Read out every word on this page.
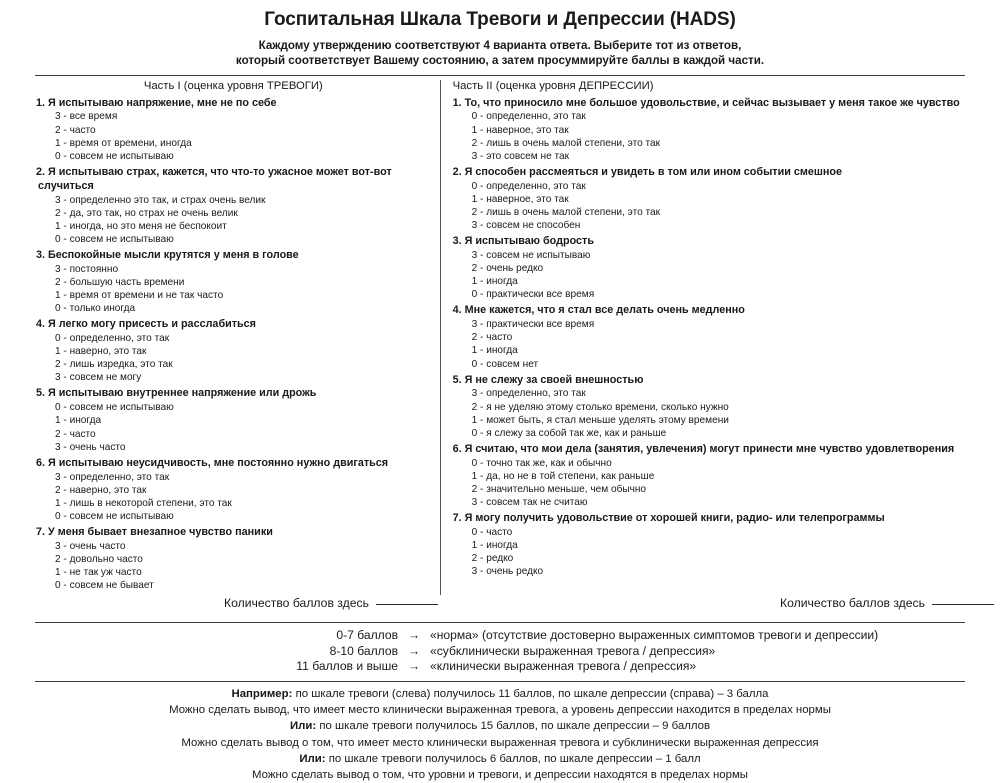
Госпитальная Шкала Тревоги и Депрессии (HADS)

Каждому утверждению соответствуют 4 варианта ответа. Выберите тот из ответов,
который соответствует Вашему состоянию, а затем просуммируйте баллы в каждой части.

Часть I (оценка уровня ТРЕВОГИ)
1. Я испытываю напряжение, мне не по себе
3 - все время
2 - часто
1 - время от времени, иногда
0 - совсем не испытываю
2. Я испытываю страх, кажется, что что-то ужасное может вот-вот случиться
3 - определенно это так, и страх очень велик
2 - да, это так, но страх не очень велик
1 - иногда, но это меня не беспокоит
0 - совсем не испытываю
3. Беспокойные мысли крутятся у меня в голове
3 - постоянно
2 - большую часть времени
1 - время от времени и не так часто
0 - только иногда
4. Я легко могу присесть и расслабиться
0 - определенно, это так
1 - наверно, это так
2 - лишь изредка, это так
3 - совсем не могу
5. Я испытываю внутреннее напряжение или дрожь
0 - совсем не испытываю
1 - иногда
2 - часто
3 - очень часто
6. Я испытываю неусидчивость, мне постоянно нужно двигаться
3 - определенно, это так
2 - наверно, это так
1 - лишь в некоторой степени, это так
0 - совсем не испытываю
7. У меня бывает внезапное чувство паники
3 - очень часто
2 - довольно часто
1 - не так уж часто
0 - совсем не бывает
Часть II (оценка уровня ДЕПРЕССИИ)
1. То, что приносило мне большое удовольствие, и сейчас вызывает у меня такое же чувство
0 - определенно, это так
1 - наверное, это так
2 - лишь в очень малой степени, это так
3 - это совсем не так
2. Я способен рассмеяться и увидеть в том или ином событии смешное
0 - определенно, это так
1 - наверное, это так
2 - лишь в очень малой степени, это так
3 - совсем не способен
3. Я испытываю бодрость
3 - совсем не испытываю
2 - очень редко
1 - иногда
0 - практически все время
4. Мне кажется, что я стал все делать очень медленно
3 - практически все время
2 - часто
1 - иногда
0 - совсем нет
5. Я не слежу за своей внешностью
3 - определенно, это так
2 - я не уделяю этому столько времени, сколько нужно
1 - может быть, я стал меньше уделять этому времени
0 - я слежу за собой так же, как и раньше
6. Я считаю, что мои дела (занятия, увлечения) могут принести мне чувство удовлетворения
0 - точно так же, как и обычно
1 - да, но не в той степени, как раньше
2 - значительно меньше, чем обычно
3 - совсем так не считаю
7. Я могу получить удовольствие от хорошей книги, радио- или телепрограммы
0 - часто
1 - иногда
2 - редко
3 - очень редко
Количество баллов здесь	Количество баллов здесь
0-7 баллов → «норма» (отсутствие достоверно выраженных симптомов тревоги и депрессии)
8-10 баллов → «субклинически выраженная тревога / депрессия»
11 баллов и выше → «клинически выраженная тревога / депрессия»
Например: по шкале тревоги (слева) получилось 11 баллов, по шкале депрессии (справа) – 3 балла
Можно сделать вывод, что имеет место клинически выраженная тревога, а уровень депрессии находится в пределах нормы
Или: по шкале тревоги получилось 15 баллов, по шкале депрессии – 9 баллов
Можно сделать вывод о том, что имеет место клинически выраженная тревога и субклинически выраженная депрессия
Или: по шкале тревоги получилось 6 баллов, по шкале депрессии – 1 балл
Можно сделать вывод о том, что уровни и тревоги, и депрессии находятся в пределах нормы
